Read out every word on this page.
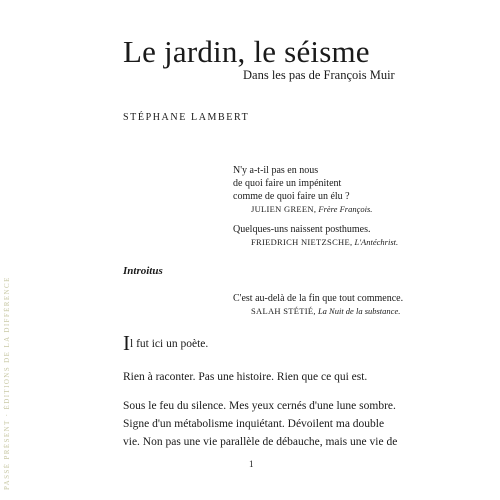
Le jardin, le séisme
Dans les pas de François Muir
STÉPHANE LAMBERT
N'y a-t-il pas en nous
de quoi faire un impénitent
comme de quoi faire un élu ?
JULIEN GREEN, Frère François.
Quelques-uns naissent posthumes.
FRIEDRICH NIETZSCHE, L'Antéchrist.
Introitus
C'est au-delà de la fin que tout commence.
SALAH STÉTIÉ, La Nuit de la substance.

Il fut ici un poète.

Rien à raconter. Pas une histoire. Rien que ce qui est.

Sous le feu du silence. Mes yeux cernés d'une lune sombre.

Signe d'un métabolisme inquiétant. Dévoilent ma double

vie. Non pas une vie parallèle de débauche, mais une vie de

1
PASSÉ PRÉSENT · ÉDITIONS DE LA DIFFÉRENCE
